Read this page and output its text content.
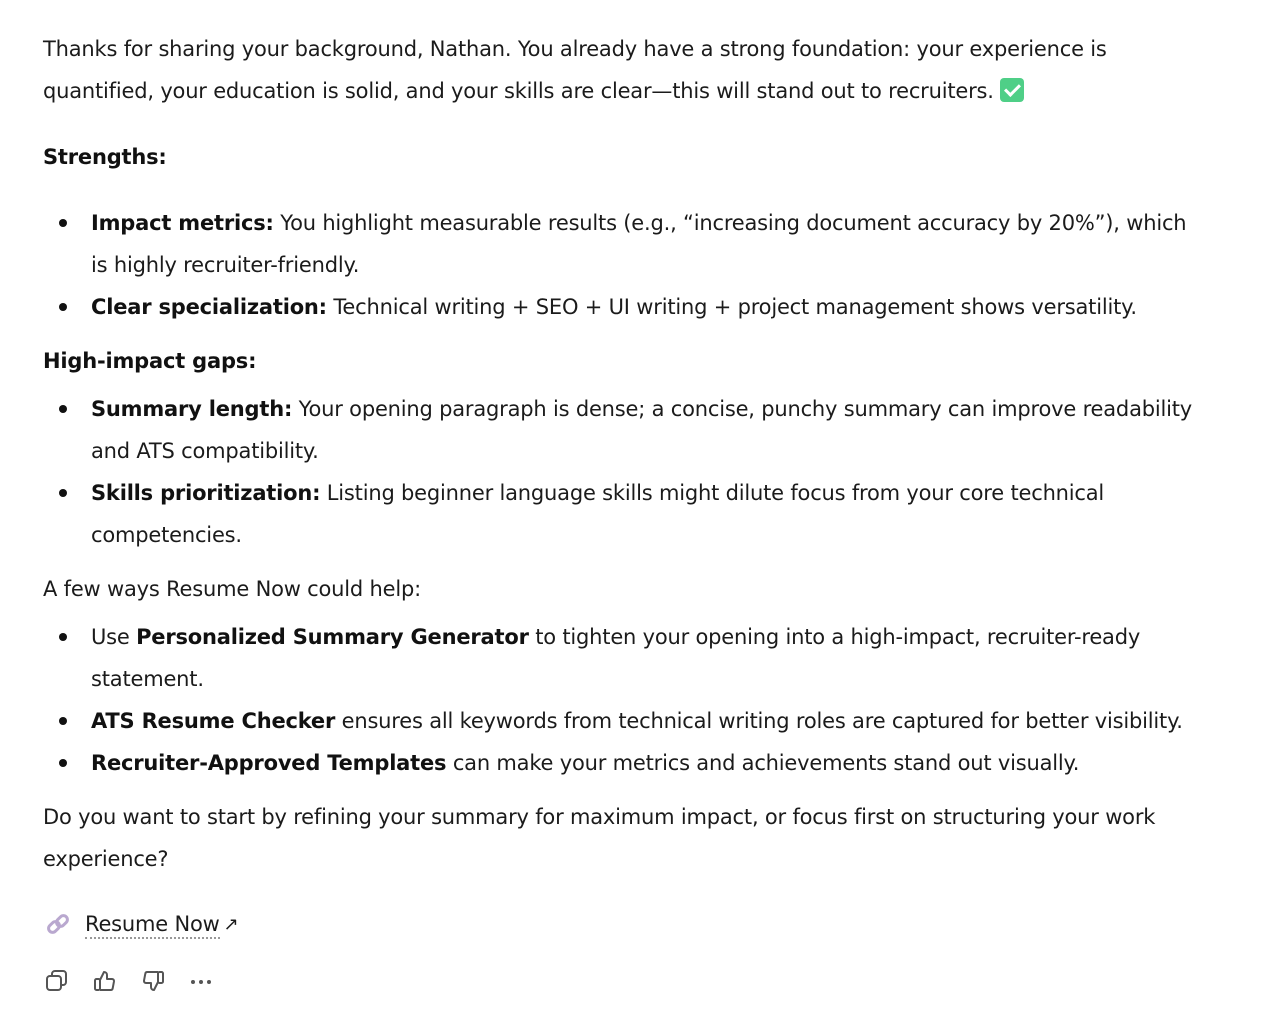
Thanks for sharing your background, Nathan. You already have a strong foundation: your experience is quantified, your education is solid, and your skills are clear—this will stand out to recruiters.

Strengths:

Impact metrics: You highlight measurable results (e.g., “increasing document accuracy by 20%”), which is highly recruiter-friendly.
Clear specialization: Technical writing + SEO + UI writing + project management shows versatility.

High-impact gaps:

Summary length: Your opening paragraph is dense; a concise, punchy summary can improve readability and ATS compatibility.
Skills prioritization: Listing beginner language skills might dilute focus from your core technical competencies.

A few ways Resume Now could help:

Use Personalized Summary Generator to tighten your opening into a high-impact, recruiter-ready statement.
ATS Resume Checker ensures all keywords from technical writing roles are captured for better visibility.
Recruiter-Approved Templates can make your metrics and achievements stand out visually.

Do you want to start by refining your summary for maximum impact, or focus first on structuring your work experience?

Resume Now ↗
